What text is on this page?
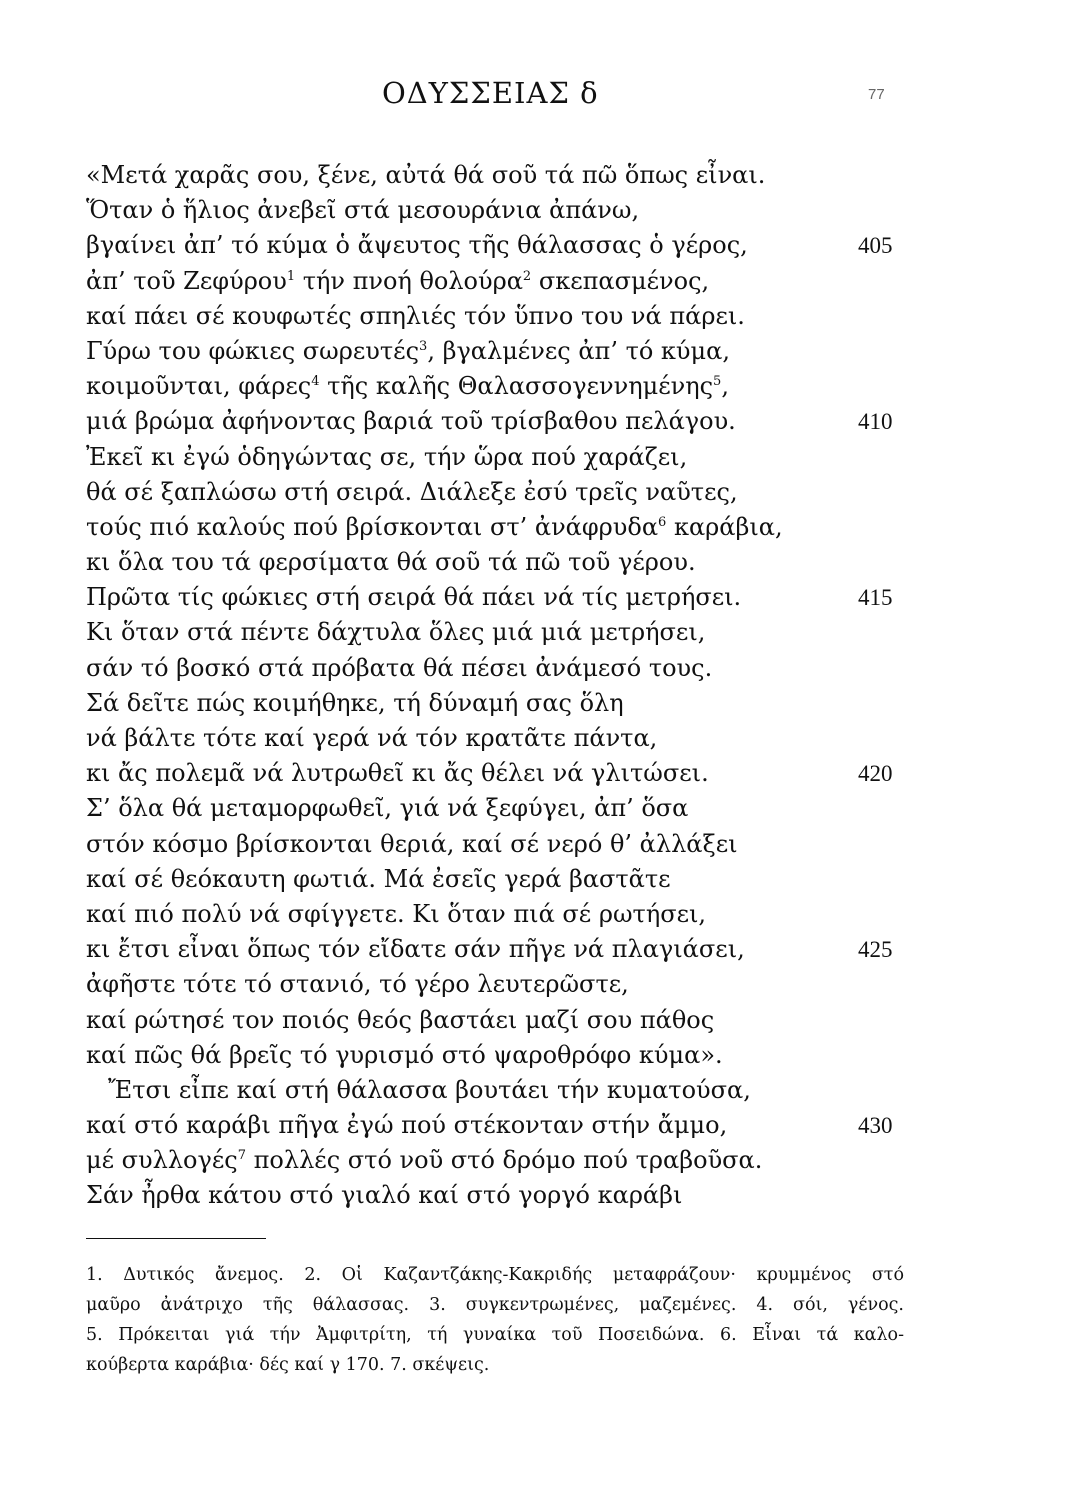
ΟΔΥΣΣΕΙΑΣ δ	77
«Μετά χαρᾶς σου, ξένε, αὐτά θά σοῦ τά πῶ ὅπως εἶναι.
Ὅταν ὁ ἥλιος ἀνεβεῖ στά μεσουράνια ἀπάνω,
βγαίνει ἀπ’ τό κύμα ὁ ἄψευτος τῆς θάλασσας ὁ γέρος,	405
ἀπ’ τοῦ Ζεφύρου$^1$ τήν πνοή θολούρα$^2$ σκεπασμένος,
καί πάει σέ κουφωτές σπηλιές τόν ὕπνο του νά πάρει.
Γύρω του φώκιες σωρευτές$^3$, βγαλμένες ἀπ’ τό κύμα,
κοιμοῦνται, φάρες$^4$ τῆς καλῆς Θαλασσογεννημένης$^5$,
μιά βρώμα ἀφήνοντας βαριά τοῦ τρίσβαθου πελάγου.	410
Ἐκεῖ κι ἐγώ ὁδηγώντας σε, τήν ὥρα πού χαράζει,
θά σέ ξαπλώσω στή σειρά. Διάλεξε ἐσύ τρεῖς ναῦτες,
τούς πιό καλούς πού βρίσκονται στ’ ἀνάφρυδα$^6$ καράβια,
κι ὅλα του τά φερσίματα θά σοῦ τά πῶ τοῦ γέρου.
Πρῶτα τίς φώκιες στή σειρά θά πάει νά τίς μετρήσει.	415
Κι ὅταν στά πέντε δάχτυλα ὅλες μιά μιά μετρήσει,
σάν τό βοσκό στά πρόβατα θά πέσει ἀνάμεσό τους.
Σά δεῖτε πώς κοιμήθηκε, τή δύναμή σας ὅλη
νά βάλτε τότε καί γερά νά τόν κρατᾶτε πάντα,
κι ἄς πολεμᾶ νά λυτρωθεῖ κι ἄς θέλει νά γλιτώσει.	420
Σ’ ὅλα θά μεταμορφωθεῖ, γιά νά ξεφύγει, ἀπ’ ὅσα
στόν κόσμο βρίσκονται θεριά, καί σέ νερό θ’ ἀλλάξει
καί σέ θεόκαυτη φωτιά. Μά ἐσεῖς γερά βαστᾶτε
καί πιό πολύ νά σφίγγετε. Κι ὅταν πιά σέ ρωτήσει,
κι ἔτσι εἶναι ὅπως τόν εἴδατε σάν πῆγε νά πλαγιάσει,	425
ἀφῆστε τότε τό στανιό, τό γέρο λευτερῶστε,
καί ρώτησέ τον ποιός θεός βαστάει μαζί σου πάθος
καί πῶς θά βρεῖς τό γυρισμό στό ψαροθρόφο κύμα».
Ἔτσι εἶπε καί στή θάλασσα βουτάει τήν κυματούσα,
καί στό καράβι πῆγα ἐγώ πού στέκονταν στήν ἄμμο,	430
μέ συλλογές$^7$ πολλές στό νοῦ στό δρόμο πού τραβοῦσα.
Σάν ἦρθα κάτου στό γιαλό καί στό γοργό καράβι
1. Δυτικός ἄνεμος. 2. Οἱ Καζαντζάκης-Κακριδής μεταφράζουν· κρυμμένος στό
μαῦρο ἀνάτριχο τῆς θάλασσας. 3. συγκεντρωμένες, μαζεμένες. 4. σόι, γένος.
5. Πρόκειται γιά τήν Ἀμφιτρίτη, τή γυναίκα τοῦ Ποσειδώνα. 6. Εἶναι τά καλο-
κούβερτα καράβια· δές καί γ 170. 7. σκέψεις.
